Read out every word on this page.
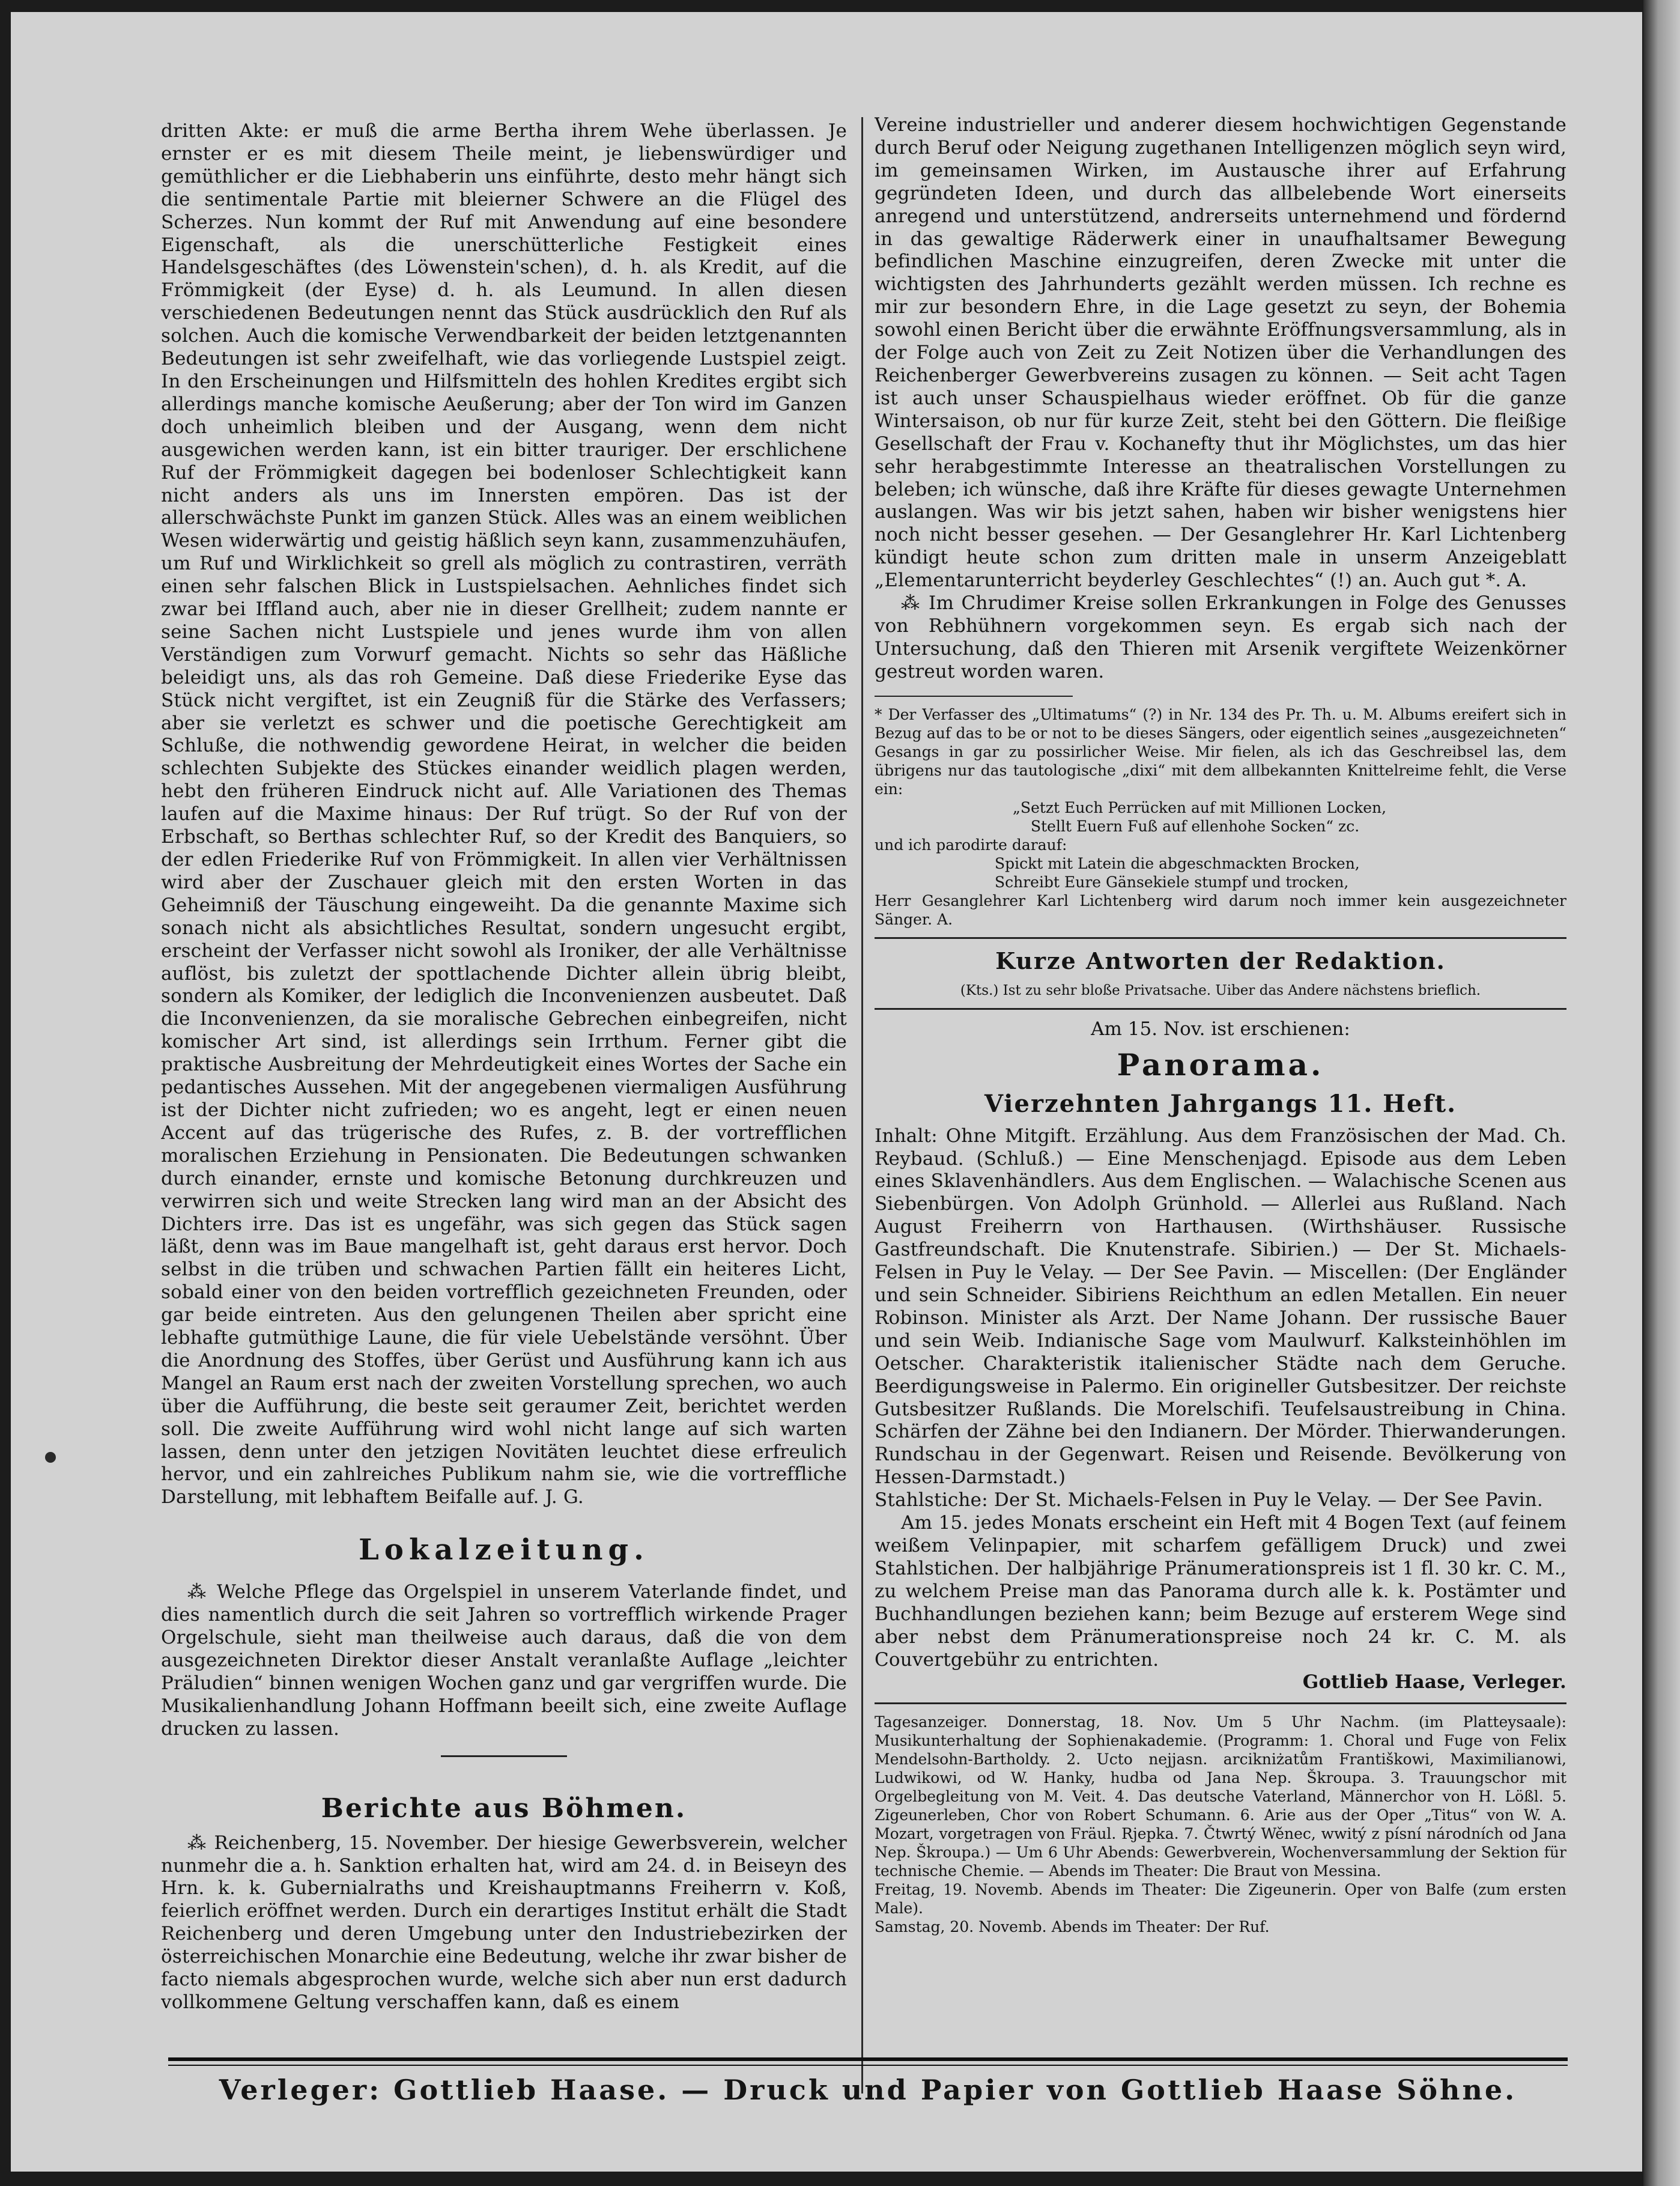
dritten Akte: er muß die arme Bertha ihrem Wehe überlassen. Je ernster er es mit diesem Theile meint, je liebenswürdiger und gemüthlicher er die Liebhaberin uns einführte, desto mehr hängt sich die sentimentale Partie mit bleierner Schwere an die Flügel des Scherzes. Nun kommt der Ruf mit Anwendung auf eine besondere Eigenschaft, als die unerschütterliche Festigkeit eines Handelsgeschäftes (des Löwenstein'schen), d. h. als Kredit, auf die Frömmigkeit (der Eyse) d. h. als Leumund. In allen diesen verschiedenen Bedeutungen nennt das Stück ausdrücklich den Ruf als solchen. Auch die komische Verwendbarkeit der beiden letztgenannten Bedeutungen ist sehr zweifelhaft, wie das vorliegende Lustspiel zeigt. In den Erscheinungen und Hilfsmitteln des hohlen Kredites ergibt sich allerdings manche komische Aeußerung; aber der Ton wird im Ganzen doch unheimlich bleiben und der Ausgang, wenn dem nicht ausgewichen werden kann, ist ein bitter trauriger. Der erschlichene Ruf der Frömmigkeit dagegen bei bodenloser Schlechtigkeit kann nicht anders als uns im Innersten empören. Das ist der allerschwächste Punkt im ganzen Stück. Alles was an einem weiblichen Wesen widerwärtig und geistig häßlich seyn kann, zusammenzuhäufen, um Ruf und Wirklichkeit so grell als möglich zu contrastiren, verräth einen sehr falschen Blick in Lustspielsachen. Aehnliches findet sich zwar bei Iffland auch, aber nie in dieser Grellheit; zudem nannte er seine Sachen nicht Lustspiele und jenes wurde ihm von allen Verständigen zum Vorwurf gemacht. Nichts so sehr das Häßliche beleidigt uns, als das roh Gemeine. Daß diese Friederike Eyse das Stück nicht vergiftet, ist ein Zeugniß für die Stärke des Verfassers; aber sie verletzt es schwer und die poetische Gerechtigkeit am Schluße, die nothwendig gewordene Heirat, in welcher die beiden schlechten Subjekte des Stückes einander weidlich plagen werden, hebt den früheren Eindruck nicht auf. Alle Variationen des Themas laufen auf die Maxime hinaus: Der Ruf trügt. So der Ruf von der Erbschaft, so Berthas schlechter Ruf, so der Kredit des Banquiers, so der edlen Friederike Ruf von Frömmigkeit. In allen vier Verhältnissen wird aber der Zuschauer gleich mit den ersten Worten in das Geheimniß der Täuschung eingeweiht. Da die genannte Maxime sich sonach nicht als absichtliches Resultat, sondern ungesucht ergibt, erscheint der Verfasser nicht sowohl als Ironiker, der alle Verhältnisse auflöst, bis zuletzt der spottlachende Dichter allein übrig bleibt, sondern als Komiker, der lediglich die Inconvenienzen ausbeutet. Daß die Inconvenienzen, da sie moralische Gebrechen einbegreifen, nicht komischer Art sind, ist allerdings sein Irrthum. Ferner gibt die praktische Ausbreitung der Mehrdeutigkeit eines Wortes der Sache ein pedantisches Aussehen. Mit der angegebenen viermaligen Ausführung ist der Dichter nicht zufrieden; wo es angeht, legt er einen neuen Accent auf das trügerische des Rufes, z. B. der vortrefflichen moralischen Erziehung in Pensionaten. Die Bedeutungen schwanken durch einander, ernste und komische Betonung durchkreuzen und verwirren sich und weite Strecken lang wird man an der Absicht des Dichters irre. Das ist es ungefähr, was sich gegen das Stück sagen läßt, denn was im Baue mangelhaft ist, geht daraus erst hervor. Doch selbst in die trüben und schwachen Partien fällt ein heiteres Licht, sobald einer von den beiden vortrefflich gezeichneten Freunden, oder gar beide eintreten. Aus den gelungenen Theilen aber spricht eine lebhafte gutmüthige Laune, die für viele Uebelstände versöhnt. Über die Anordnung des Stoffes, über Gerüst und Ausführung kann ich aus Mangel an Raum erst nach der zweiten Vorstellung sprechen, wo auch über die Aufführung, die beste seit geraumer Zeit, berichtet werden soll. Die zweite Aufführung wird wohl nicht lange auf sich warten lassen, denn unter den jetzigen Novitäten leuchtet diese erfreulich hervor, und ein zahlreiches Publikum nahm sie, wie die vortreffliche Darstellung, mit lebhaftem Beifalle auf. J. G.

Lokalzeitung.

⁂ Welche Pflege das Orgelspiel in unserem Vaterlande findet, und dies namentlich durch die seit Jahren so vortrefflich wirkende Prager Orgelschule, sieht man theilweise auch daraus, daß die von dem ausgezeichneten Direktor dieser Anstalt veranlaßte Auflage „leichter Präludien“ binnen wenigen Wochen ganz und gar vergriffen wurde. Die Musikalienhandlung Johann Hoffmann beeilt sich, eine zweite Auflage drucken zu lassen.

Berichte aus Böhmen.

⁂ Reichenberg, 15. November. Der hiesige Gewerbsverein, welcher nunmehr die a. h. Sanktion erhalten hat, wird am 24. d. in Beiseyn des Hrn. k. k. Gubernialraths und Kreishauptmanns Freiherrn v. Koß, feierlich eröffnet werden. Durch ein derartiges Institut erhält die Stadt Reichenberg und deren Umgebung unter den Industriebezirken der österreichischen Monarchie eine Bedeutung, welche ihr zwar bisher de facto niemals abgesprochen wurde, welche sich aber nun erst dadurch vollkommene Geltung verschaffen kann, daß es einem

Vereine industrieller und anderer diesem hochwichtigen Gegenstande durch Beruf oder Neigung zugethanen Intelligenzen möglich seyn wird, im gemeinsamen Wirken, im Austausche ihrer auf Erfahrung gegründeten Ideen, und durch das allbelebende Wort einerseits anregend und unterstützend, andrerseits unternehmend und fördernd in das gewaltige Räderwerk einer in unaufhaltsamer Bewegung befindlichen Maschine einzugreifen, deren Zwecke mit unter die wichtigsten des Jahrhunderts gezählt werden müssen. Ich rechne es mir zur besondern Ehre, in die Lage gesetzt zu seyn, der Bohemia sowohl einen Bericht über die erwähnte Eröffnungsversammlung, als in der Folge auch von Zeit zu Zeit Notizen über die Verhandlungen des Reichenberger Gewerbvereins zusagen zu können. — Seit acht Tagen ist auch unser Schauspielhaus wieder eröffnet. Ob für die ganze Wintersaison, ob nur für kurze Zeit, steht bei den Göttern. Die fleißige Gesellschaft der Frau v. Kochanefty thut ihr Möglichstes, um das hier sehr herabgestimmte Interesse an theatralischen Vorstellungen zu beleben; ich wünsche, daß ihre Kräfte für dieses gewagte Unternehmen auslangen. Was wir bis jetzt sahen, haben wir bisher wenigstens hier noch nicht besser gesehen. — Der Gesanglehrer Hr. Karl Lichtenberg kündigt heute schon zum dritten male in unserm Anzeigeblatt „Elementarunterricht beyderley Geschlechtes“ (!) an. Auch gut *. A.

⁂ Im Chrudimer Kreise sollen Erkrankungen in Folge des Genusses von Rebhühnern vorgekommen seyn. Es ergab sich nach der Untersuchung, daß den Thieren mit Arsenik vergiftete Weizenkörner gestreut worden waren.

* Der Verfasser des „Ultimatums“ (?) in Nr. 134 des Pr. Th. u. M. Albums ereifert sich in Bezug auf das to be or not to be dieses Sängers, oder eigentlich seines „ausgezeichneten“ Gesangs in gar zu possirlicher Weise. Mir fielen, als ich das Geschreibsel las, dem übrigens nur das tautologische „dixi“ mit dem allbekannten Knittelreime fehlt, die Verse ein:

„Setzt Euch Perrücken auf mit Millionen Locken,

Stellt Euern Fuß auf ellenhohe Socken“ zc.

und ich parodirte darauf:

Spickt mit Latein die abgeschmackten Brocken,

Schreibt Eure Gänsekiele stumpf und trocken,

Herr Gesanglehrer Karl Lichtenberg wird darum noch immer kein ausgezeichneter Sänger. A.

Kurze Antworten der Redaktion.

(Kts.) Ist zu sehr bloße Privatsache. Uiber das Andere nächstens brieflich.

Am 15. Nov. ist erschienen:
Panorama.
Vierzehnten Jahrgangs 11. Heft.

Inhalt: Ohne Mitgift. Erzählung. Aus dem Französischen der Mad. Ch. Reybaud. (Schluß.) — Eine Menschenjagd. Episode aus dem Leben eines Sklavenhändlers. Aus dem Englischen. — Walachische Scenen aus Siebenbürgen. Von Adolph Grünhold. — Allerlei aus Rußland. Nach August Freiherrn von Harthausen. (Wirthshäuser. Russische Gastfreundschaft. Die Knutenstrafe. Sibirien.) — Der St. Michaels-Felsen in Puy le Velay. — Der See Pavin. — Miscellen: (Der Engländer und sein Schneider. Sibiriens Reichthum an edlen Metallen. Ein neuer Robinson. Minister als Arzt. Der Name Johann. Der russische Bauer und sein Weib. Indianische Sage vom Maulwurf. Kalksteinhöhlen im Oetscher. Charakteristik italienischer Städte nach dem Geruche. Beerdigungsweise in Palermo. Ein origineller Gutsbesitzer. Der reichste Gutsbesitzer Rußlands. Die Morelschifi. Teufelsaustreibung in China. Schärfen der Zähne bei den Indianern. Der Mörder. Thierwanderungen. Rundschau in der Gegenwart. Reisen und Reisende. Bevölkerung von Hessen-Darmstadt.)

Stahlstiche: Der St. Michaels-Felsen in Puy le Velay. — Der See Pavin.

Am 15. jedes Monats erscheint ein Heft mit 4 Bogen Text (auf feinem weißem Velinpapier, mit scharfem gefälligem Druck) und zwei Stahlstichen. Der halbjährige Pränumerationspreis ist 1 fl. 30 kr. C. M., zu welchem Preise man das Panorama durch alle k. k. Postämter und Buchhandlungen beziehen kann; beim Bezuge auf ersterem Wege sind aber nebst dem Pränumerationspreise noch 24 kr. C. M. als Couvertgebühr zu entrichten.

Gottlieb Haase, Verleger.

Tagesanzeiger. Donnerstag, 18. Nov. Um 5 Uhr Nachm. (im Platteysaale): Musikunterhaltung der Sophienakademie. (Programm: 1. Choral und Fuge von Felix Mendelsohn-Bartholdy. 2. Ucto nejjasn. arcikniżatům Františkowi, Maximilianowi, Ludwikowi, od W. Hanky, hudba od Jana Nep. Škroupa. 3. Trauungschor mit Orgelbegleitung von M. Veit. 4. Das deutsche Vaterland, Männerchor von H. Lößl. 5. Zigeunerleben, Chor von Robert Schumann. 6. Arie aus der Oper „Titus“ von W. A. Mozart, vorgetragen von Fräul. Rjepka. 7. Čtwrtý Wěnec, wwitý z písní národních od Jana Nep. Škroupa.) — Um 6 Uhr Abends: Gewerbverein, Wochenversammlung der Sektion für technische Chemie. — Abends im Theater: Die Braut von Messina.

Freitag, 19. Novemb. Abends im Theater: Die Zigeunerin. Oper von Balfe (zum ersten Male).

Samstag, 20. Novemb. Abends im Theater: Der Ruf.

Verleger: Gottlieb Haase. — Druck und Papier von Gottlieb Haase Söhne.
